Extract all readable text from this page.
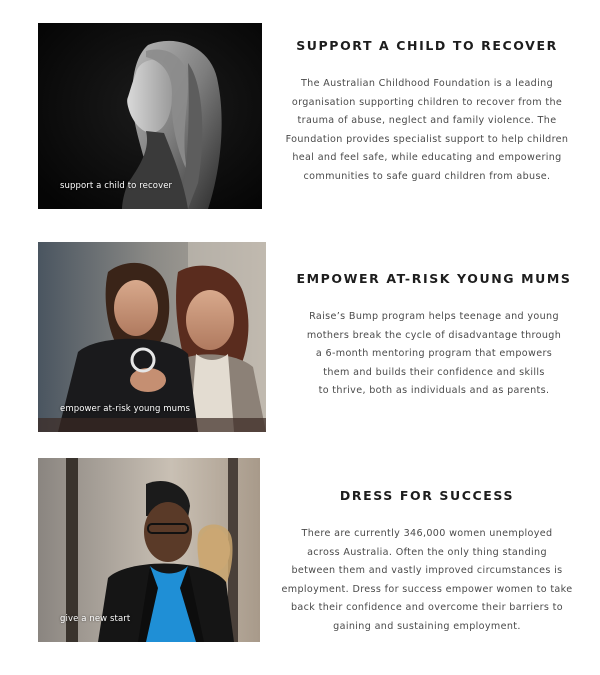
support a child to recover
SUPPORT A CHILD TO RECOVER

The Australian Childhood Foundation is a leading
organisation supporting children to recover from the
trauma of abuse, neglect and family violence. The
Foundation provides specialist support to help children
heal and feel safe, while educating and empowering
communities to safe guard children from abuse.

empower at-risk young mums
EMPOWER AT-RISK YOUNG MUMS

Raise’s Bump program helps teenage and young
mothers break the cycle of disadvantage through
a 6-month mentoring program that empowers
them and builds their confidence and skills
to thrive, both as individuals and as parents.

give a new start
DRESS FOR SUCCESS

There are currently 346,000 women unemployed
across Australia. Often the only thing standing
between them and vastly improved circumstances is
employment. Dress for success empower women to take
back their confidence and overcome their barriers to
gaining and sustaining employment.
